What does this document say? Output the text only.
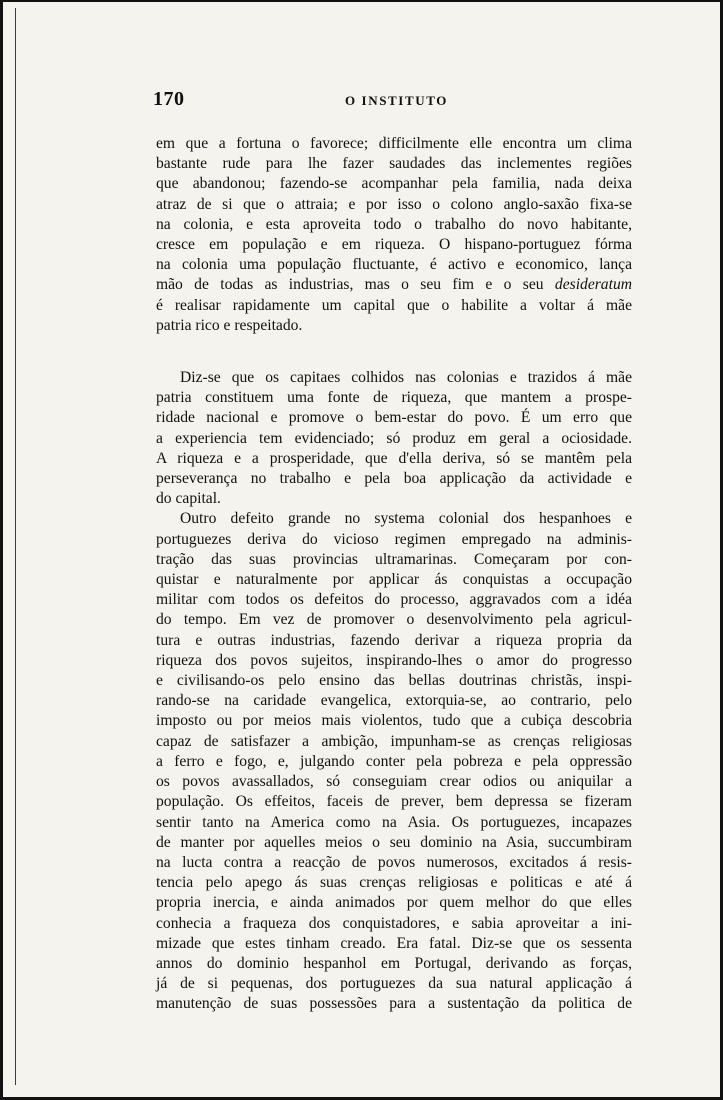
170	O INSTITUTO
em que a fortuna o favorece; difficilmente elle encontra um clima
bastante rude para lhe fazer saudades das inclementes regiões
que abandonou; fazendo-se acompanhar pela familia, nada deixa
atraz de si que o attraia; e por isso o colono anglo-saxão fixa-se
na colonia, e esta aproveita todo o trabalho do novo habitante,
cresce em população e em riqueza. O hispano-portuguez fórma
na colonia uma população fluctuante, é activo e economico, lança
mão de todas as industrias, mas o seu fim e o seu desideratum
é realisar rapidamente um capital que o habilite a voltar á mãe
patria rico e respeitado.
Diz-se que os capitaes colhidos nas colonias e trazidos á mãe
patria constituem uma fonte de riqueza, que mantem a prospe-
ridade nacional e promove o bem-estar do povo. É um erro que
a experiencia tem evidenciado; só produz em geral a ociosidade.
A riqueza e a prosperidade, que d'ella deriva, só se mantêm pela
perseverança no trabalho e pela boa applicação da actividade e
do capital.
Outro defeito grande no systema colonial dos hespanhoes e
portuguezes deriva do vicioso regimen empregado na adminis-
tração das suas provincias ultramarinas. Começaram por con-
quistar e naturalmente por applicar ás conquistas a occupação
militar com todos os defeitos do processo, aggravados com a idéa
do tempo. Em vez de promover o desenvolvimento pela agricul-
tura e outras industrias, fazendo derivar a riqueza propria da
riqueza dos povos sujeitos, inspirando-lhes o amor do progresso
e civilisando-os pelo ensino das bellas doutrinas christãs, inspi-
rando-se na caridade evangelica, extorquia-se, ao contrario, pelo
imposto ou por meios mais violentos, tudo que a cubiça descobria
capaz de satisfazer a ambição, impunham-se as crenças religiosas
a ferro e fogo, e, julgando conter pela pobreza e pela oppressão
os povos avassallados, só conseguiam crear odios ou aniquilar a
população. Os effeitos, faceis de prever, bem depressa se fizeram
sentir tanto na America como na Asia. Os portuguezes, incapazes
de manter por aquelles meios o seu dominio na Asia, succumbiram
na lucta contra a reacção de povos numerosos, excitados á resis-
tencia pelo apego ás suas crenças religiosas e politicas e até á
propria inercia, e ainda animados por quem melhor do que elles
conhecia a fraqueza dos conquistadores, e sabia aproveitar a ini-
mizade que estes tinham creado. Era fatal. Diz-se que os sessenta
annos do dominio hespanhol em Portugal, derivando as forças,
já de si pequenas, dos portuguezes da sua natural applicação á
manutenção de suas possessões para a sustentação da politica de
